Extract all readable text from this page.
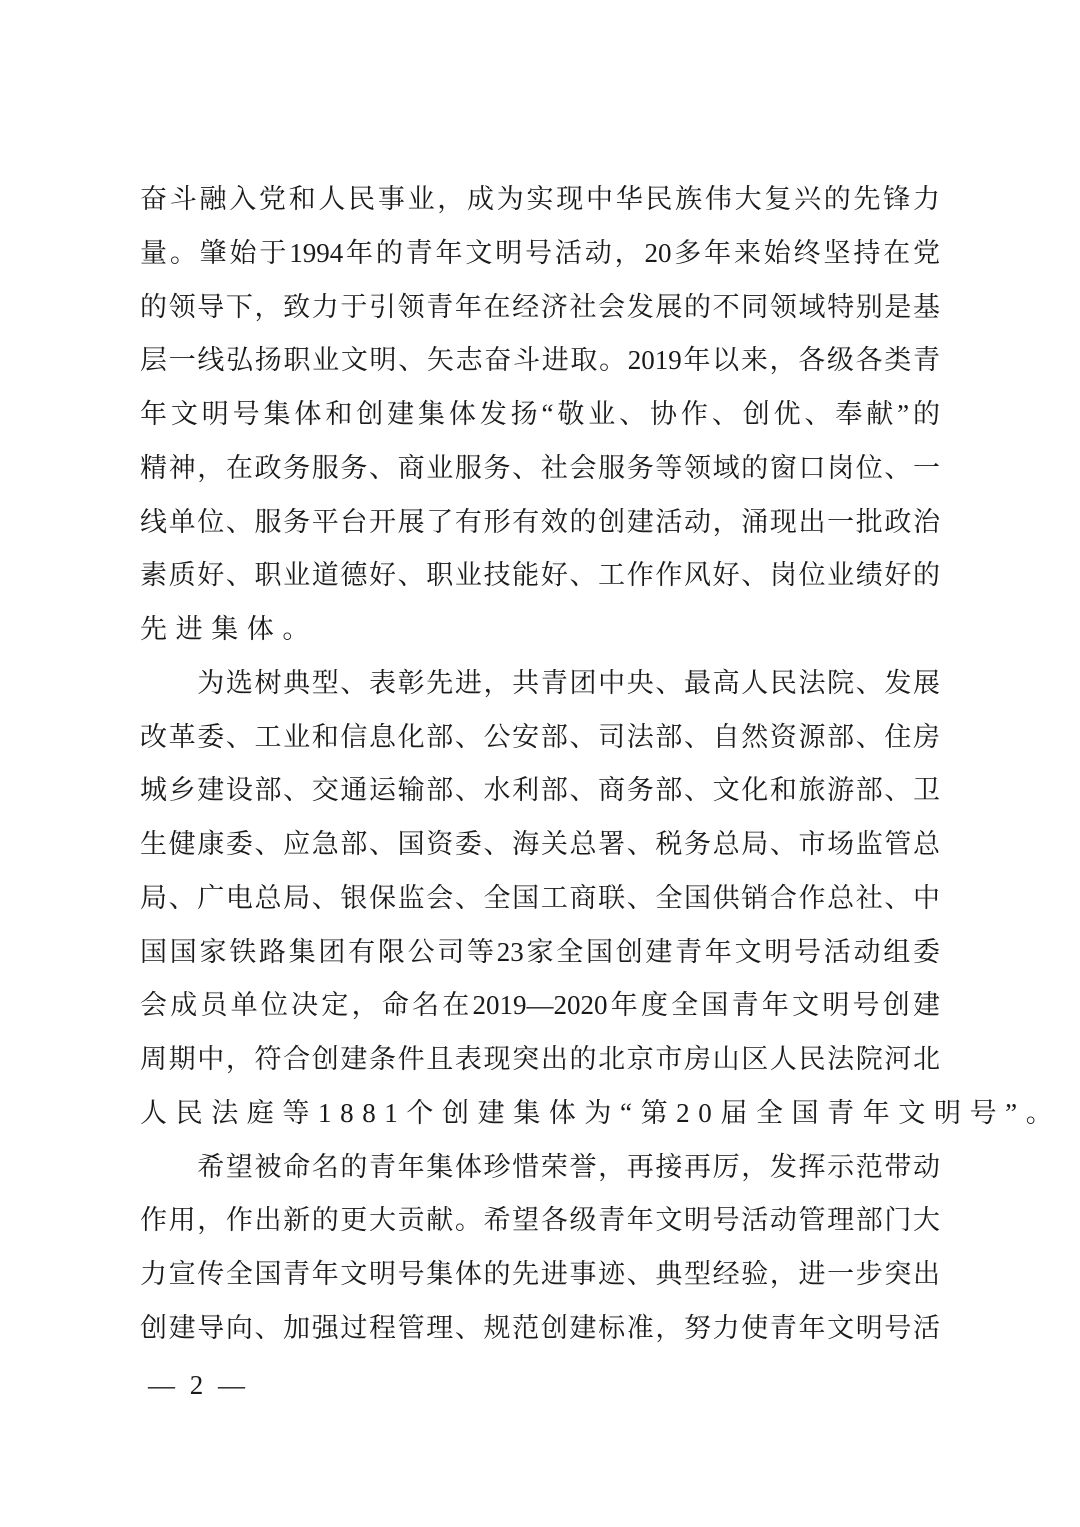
奋斗融入党和人民事业，成为实现中华民族伟大复兴的先锋力
量。肇始于1994年的青年文明号活动，20多年来始终坚持在党
的领导下，致力于引领青年在经济社会发展的不同领域特别是基
层一线弘扬职业文明、矢志奋斗进取。2019年以来，各级各类青
年文明号集体和创建集体发扬“敬业、协作、创优、奉献”的
精神，在政务服务、商业服务、社会服务等领域的窗口岗位、一
线单位、服务平台开展了有形有效的创建活动，涌现出一批政治
素质好、职业道德好、职业技能好、工作作风好、岗位业绩好的
先进集体。
　　为选树典型、表彰先进，共青团中央、最高人民法院、发展
改革委、工业和信息化部、公安部、司法部、自然资源部、住房
城乡建设部、交通运输部、水利部、商务部、文化和旅游部、卫
生健康委、应急部、国资委、海关总署、税务总局、市场监管总
局、广电总局、银保监会、全国工商联、全国供销合作总社、中
国国家铁路集团有限公司等23家全国创建青年文明号活动组委
会成员单位决定，命名在2019—2020年度全国青年文明号创建
周期中，符合创建条件且表现突出的北京市房山区人民法院河北
人民法庭等1881个创建集体为“第20届全国青年文明号”。
　　希望被命名的青年集体珍惜荣誉，再接再厉，发挥示范带动
作用，作出新的更大贡献。希望各级青年文明号活动管理部门大
力宣传全国青年文明号集体的先进事迹、典型经验，进一步突出
创建导向、加强过程管理、规范创建标准，努力使青年文明号活
— 2 —
